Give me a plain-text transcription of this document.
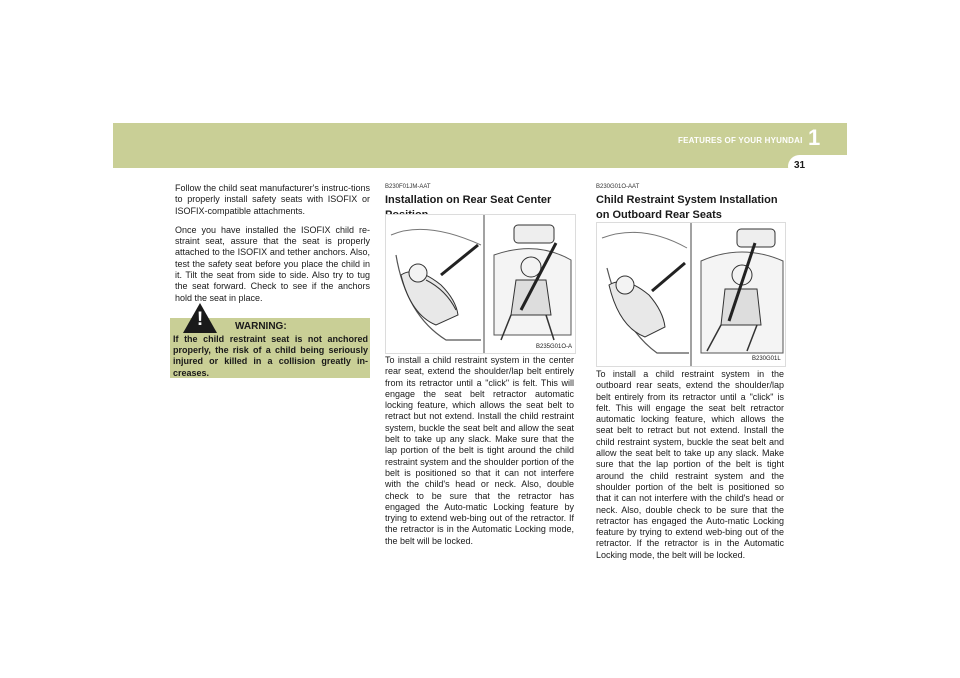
FEATURES OF YOUR HYUNDAI 1
31

Follow the child seat manufacturer's instruc-tions to properly install safety seats with ISOFIX or ISOFIX-compatible attachments.

Once you have installed the ISOFIX child re-straint seat, assure that the seat is properly attached to the ISOFIX and tether anchors. Also, test the safety seat before you place the child in it. Tilt the seat from side to side. Also try to tug the seat forward. Check to see if the anchors hold the seat in place.

!	WARNING:
If the child restraint seat is not anchored properly, the risk of a child being seriously injured or killed in a collision greatly in-creases.
B230F01JM-AAT
Installation on Rear Seat Center
B235G01O-A

To install a child restraint system in the center rear seat, extend the shoulder/lap belt entirely from its retractor until a "click" is felt. This will engage the seat belt retractor automatic locking feature, which allows the seat belt to retract but not extend. Install the child restraint system, buckle the seat belt and allow the seat belt to take up any slack. Make sure that the lap portion of the belt is tight around the child restraint system and the shoulder portion of the belt is positioned so that it can not interfere with the child's head or neck. Also, double check to be sure that the retractor has engaged the Auto-matic Locking feature by trying to extend web-bing out of the retractor. If the retractor is in the Automatic Locking mode, the belt will be locked.

B230G01O-AAT
Child Restraint System Installation on Outboard Rear Seats
B230G01L

To install a child restraint system in the outboard rear seats, extend the shoulder/lap belt entirely from its retractor until a "click" is felt. This will engage the seat belt retractor automatic locking feature, which allows the seat belt to retract but not extend. Install the child restraint system, buckle the seat belt and allow the seat belt to take up any slack. Make sure that the lap portion of the belt is tight around the child restraint system and the shoulder portion of the belt is positioned so that it can not interfere with the child's head or neck. Also, double check to be sure that the retractor has engaged the Auto-matic Locking feature by trying to extend web-bing out of the retractor. If the retractor is in the Automatic Locking mode, the belt will be locked.
